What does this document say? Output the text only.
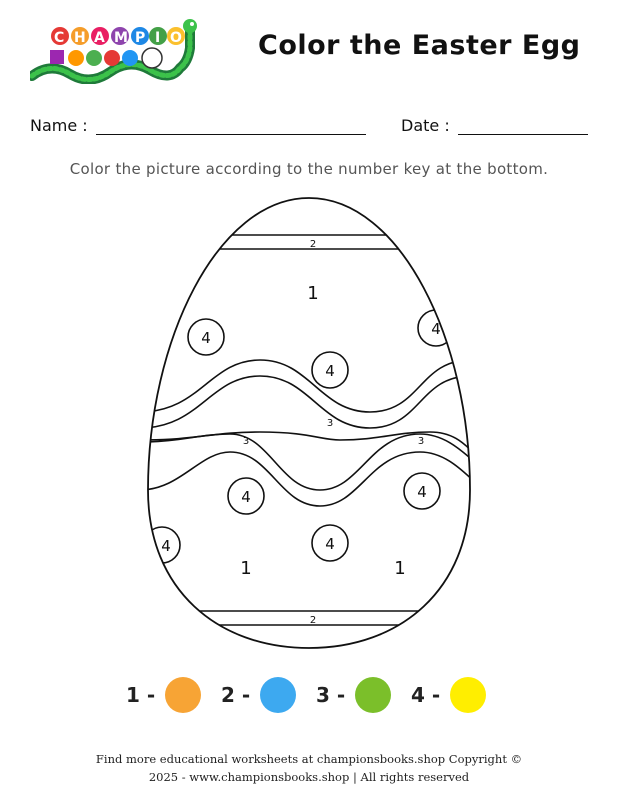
C H A M P I O	Color the Easter Egg
Name :	Date :
Color the picture according to the number key at the bottom.
2
2
3
3	3
1
1	1
4
4
4
4	4
4
4
1 -	2 -	3 -	4 -
Find more educational worksheets at championsbooks.shop Copyright ©
2025 - www.championsbooks.shop | All rights reserved
